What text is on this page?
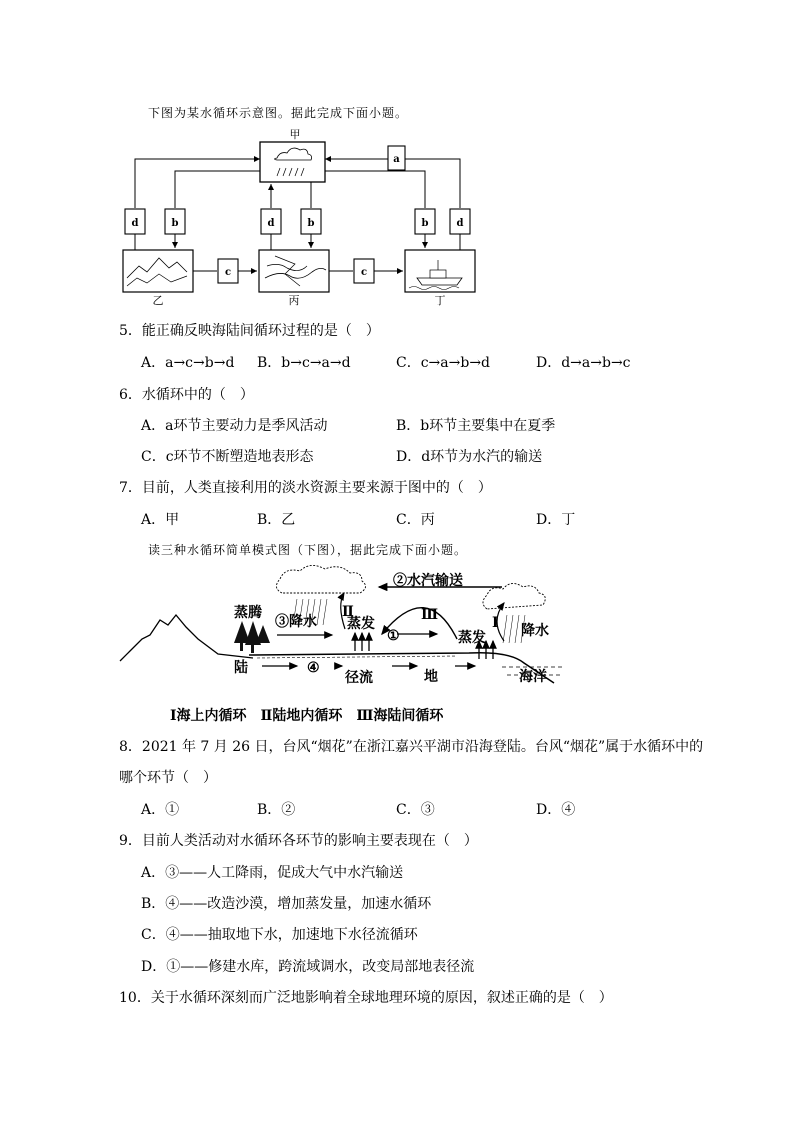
下图为某水循环示意图。据此完成下面小题。
甲
a
d	b	d	b	b	d
c	c
乙	丙	丁
5．能正确反映海陆间循环过程的是（　）
A．a→c→b→d B．b→c→a→d	C．c→a→b→d	D．d→a→b→c
6．水循环中的（　）
A．a环节主要动力是季风活动	B．b环节主要集中在夏季
C．c环节不断塑造地表形态	D．d环节为水汽的输送
7．目前，人类直接利用的淡水资源主要来源于图中的（　）
A．甲	B．乙	C．丙	D．丁
读三种水循环简单模式图（下图），据此完成下面小题。
②水汽输送
蒸腾
③降水 蒸发
①	蒸发	降水
陆	④
径流	地	海洋
Ⅰ
Ⅱ	Ⅲ
Ⅰ海上内循环　Ⅱ陆地内循环　Ⅲ海陆间循环
8．2021 年 7 月 26 日，台风“烟花”在浙江嘉兴平湖市沿海登陆。台风“烟花”属于水循环中的
哪个环节（　）
A．①	B．②	C．③	D．④
9．目前人类活动对水循环各环节的影响主要表现在（　）
A．③——人工降雨，促成大气中水汽输送
B．④——改造沙漠，增加蒸发量，加速水循环
C．④——抽取地下水，加速地下水径流循环
D．①——修建水库，跨流域调水，改变局部地表径流
10．关于水循环深刻而广泛地影响着全球地理环境的原因，叙述正确的是（　）
